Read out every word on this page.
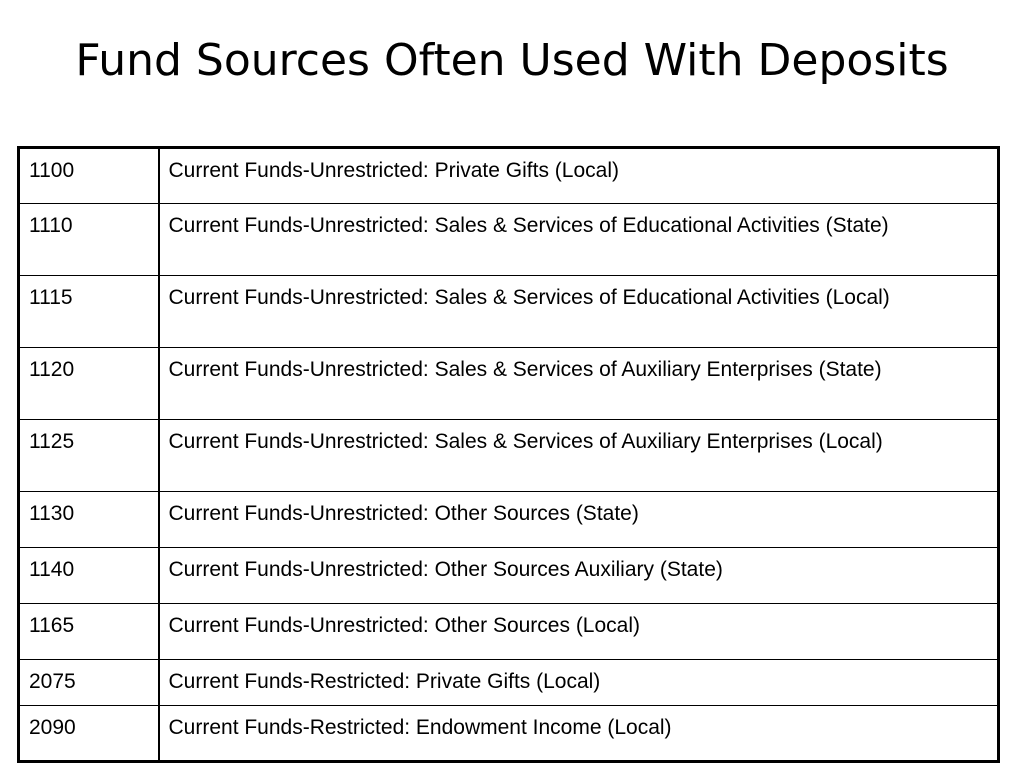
Fund Sources Often Used With Deposits
1100	Current Funds-Unrestricted: Private Gifts (Local)
1110	Current Funds-Unrestricted: Sales & Services of Educational Activities (State)
1115	Current Funds-Unrestricted: Sales & Services of Educational Activities (Local)
1120	Current Funds-Unrestricted: Sales & Services of Auxiliary Enterprises (State)
1125	Current Funds-Unrestricted: Sales & Services of Auxiliary Enterprises (Local)
1130	Current Funds-Unrestricted: Other Sources (State)
1140	Current Funds-Unrestricted: Other Sources Auxiliary (State)
1165	Current Funds-Unrestricted: Other Sources (Local)
2075	Current Funds-Restricted: Private Gifts (Local)
2090	Current Funds-Restricted: Endowment Income (Local)
